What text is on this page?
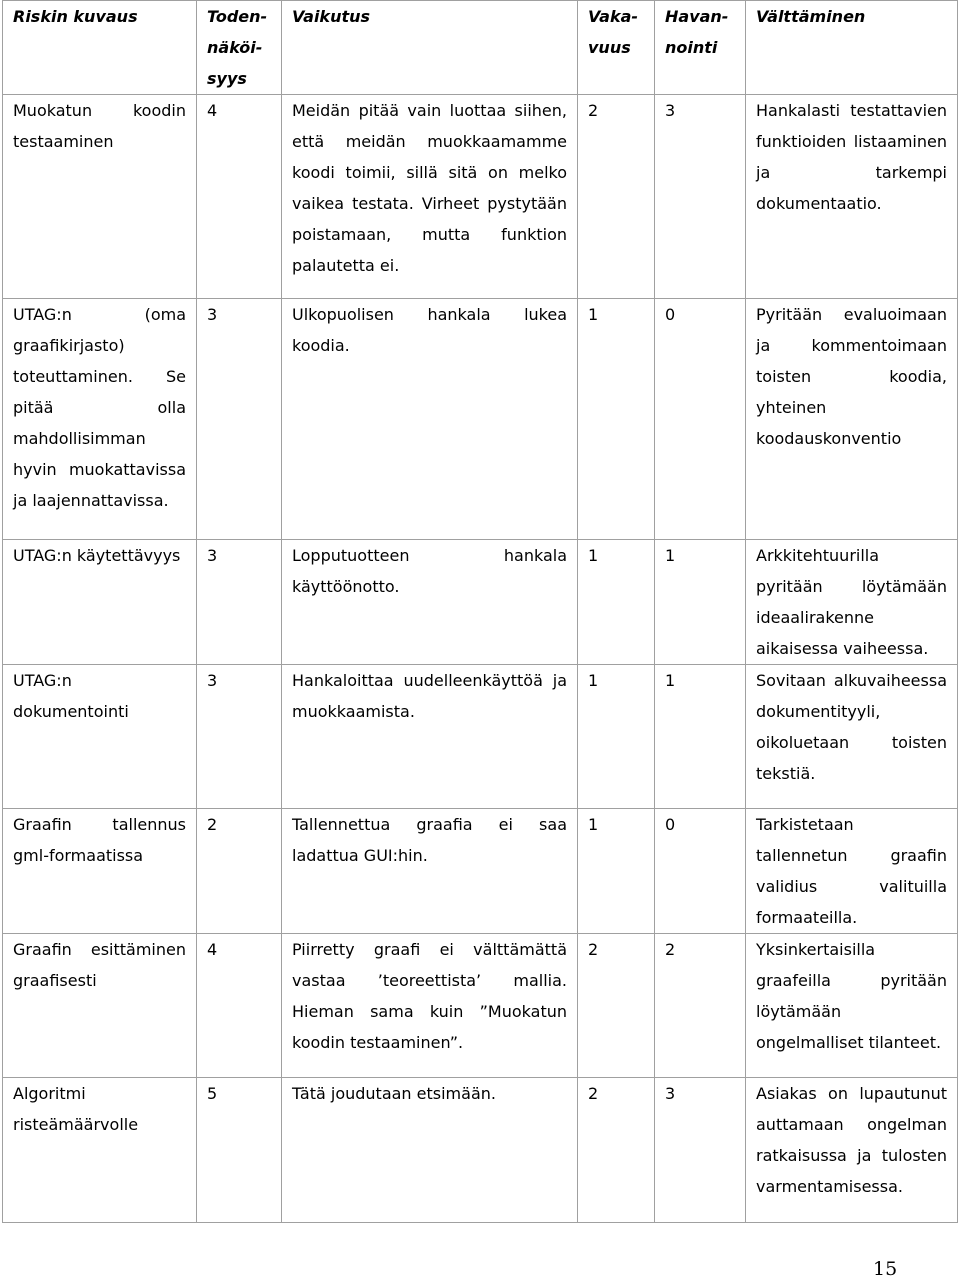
Riskin kuvaus	Toden-näköi-syys	Vaikutus	Vaka-vuus	Havan-nointi	Välttäminen
Muokatun koodin testaaminen	4	Meidän pitää vain luottaa siihen, että meidän muokkaamamme koodi toimii, sillä sitä on melko vaikea testata. Virheet pystytään poistamaan, mutta funktion palautetta ei.	2	3	Hankalasti testattavien funktioiden listaaminen ja tarkempi dokumentaatio.
UTAG:n (oma graafikirjasto) toteuttaminen. Se pitää olla mahdollisimman hyvin muokattavissa ja laajennattavissa.	3	Ulkopuolisen hankala lukea koodia.	1	0	Pyritään evaluoimaan ja kommentoimaan toisten koodia, yhteinen koodauskonventio
UTAG:n käytettävyys	3	Lopputuotteen hankala käyttöönotto.	1	1	Arkkitehtuurilla pyritään löytämään ideaalirakenne aikaisessa vaiheessa.
UTAG:n dokumentointi	3	Hankaloittaa uudelleenkäyttöä ja muokkaamista.	1	1	Sovitaan alkuvaiheessa dokumentityyli, oikoluetaan toisten tekstiä.
Graafin tallennus gml-formaatissa	2	Tallennettua graafia ei saa ladattua GUI:hin.	1	0	Tarkistetaan tallennetun graafin validius valituilla formaateilla.
Graafin esittäminen graafisesti	4	Piirretty graafi ei välttämättä vastaa ’teoreettista’ mallia. Hieman sama kuin ”Muokatun koodin testaaminen”.	2	2	Yksinkertaisilla graafeilla pyritään löytämään ongelmalliset tilanteet.
Algoritmi risteämäärvolle	5	Tätä joudutaan etsimään.	2	3	Asiakas on lupautunut auttamaan ongelman ratkaisussa ja tulosten varmentamisessa.
15
